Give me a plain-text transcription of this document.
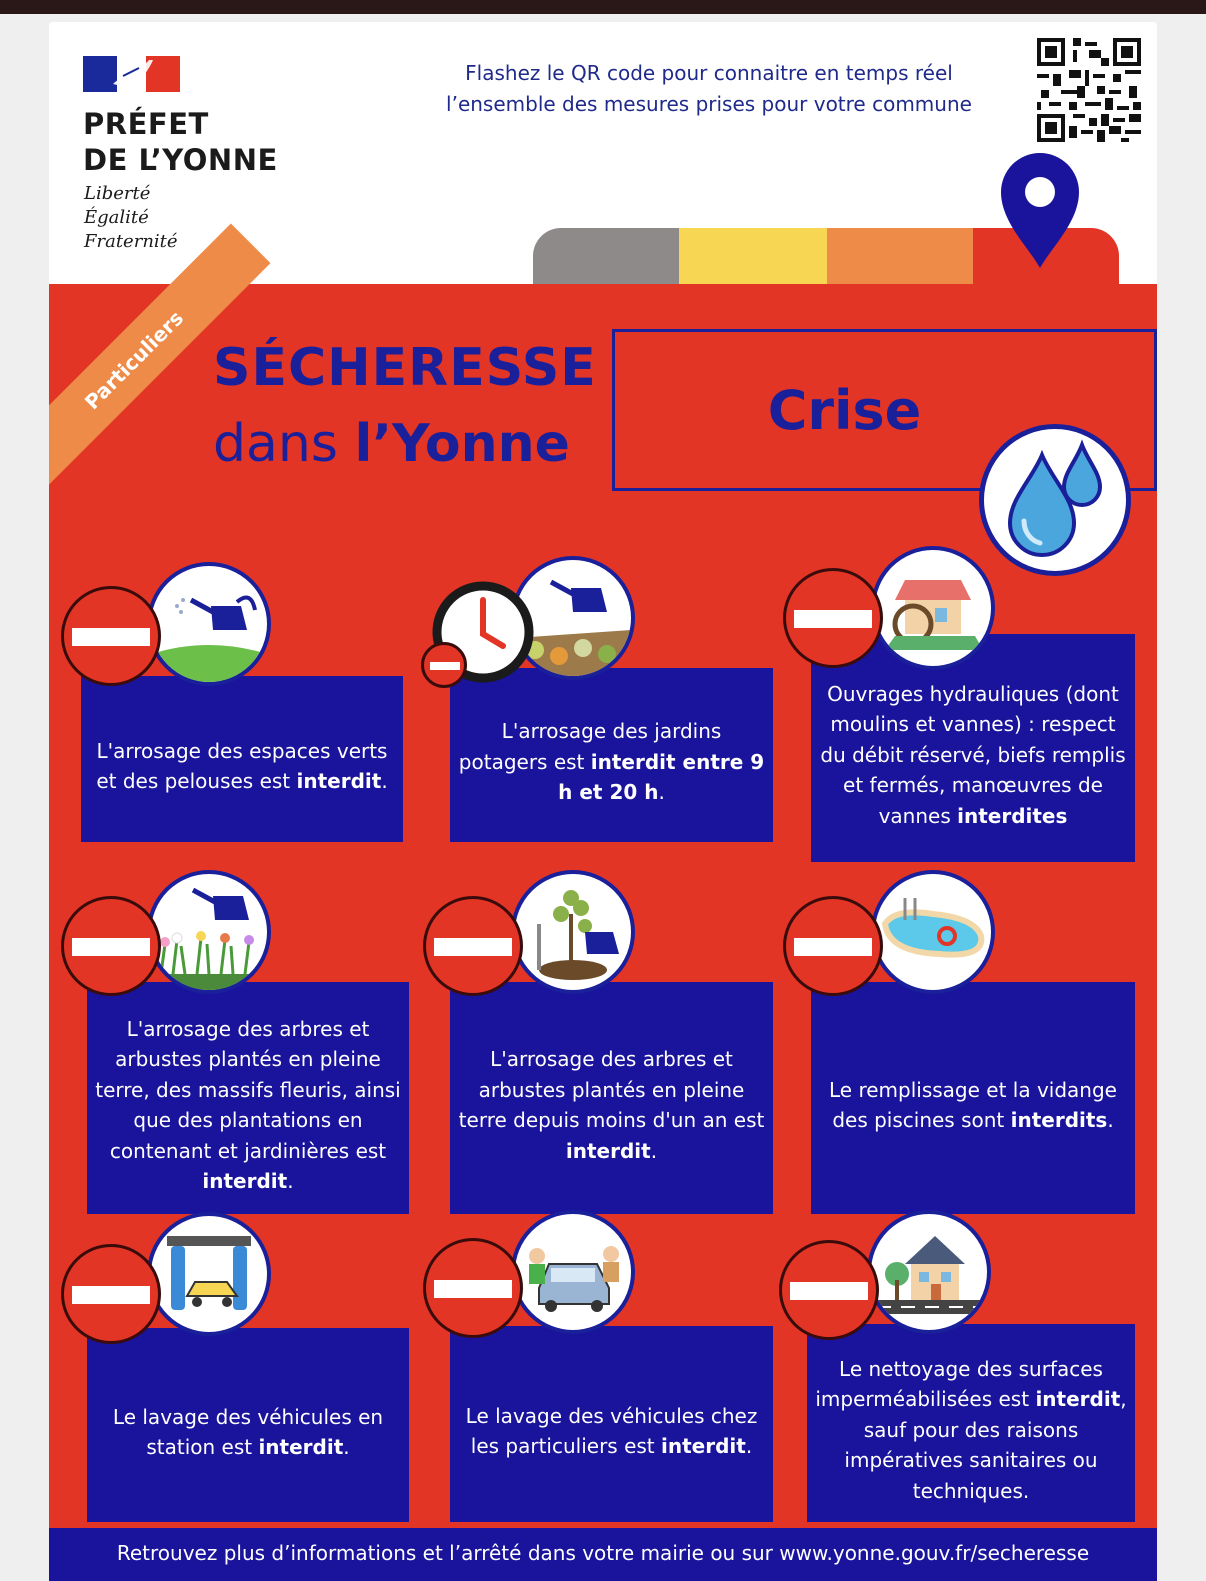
PRÉFET
DE L’YONNE
Liberté
Égalité
Fraternité
Flashez le QR code pour connaitre en temps réel
l’ensemble des mesures prises pour votre commune
Particuliers SÉCHERESSE
dans l’Yonne
Crise
L'arrosage des espaces verts et des pelouses est interdit.
L'arrosage des jardins potagers est interdit entre 9 h et 20 h.
Ouvrages hydrauliques (dont moulins et vannes) : respect du débit réservé, biefs remplis et fermés, manœuvres de vannes interdites
L'arrosage des arbres et arbustes plantés en pleine terre, des massifs fleuris, ainsi que des plantations en contenant et jardinières est interdit.
L'arrosage des arbres et arbustes plantés en pleine terre depuis moins d'un an est interdit.
Le remplissage et la vidange des piscines sont interdits.
Le lavage des véhicules en station est interdit.
Le lavage des véhicules chez les particuliers est interdit.
Le nettoyage des surfaces imperméabilisées est interdit, sauf pour des raisons impératives sanitaires ou techniques.
Retrouvez plus d’informations et l’arrêté dans votre mairie ou sur www.yonne.gouv.fr/secheresse
